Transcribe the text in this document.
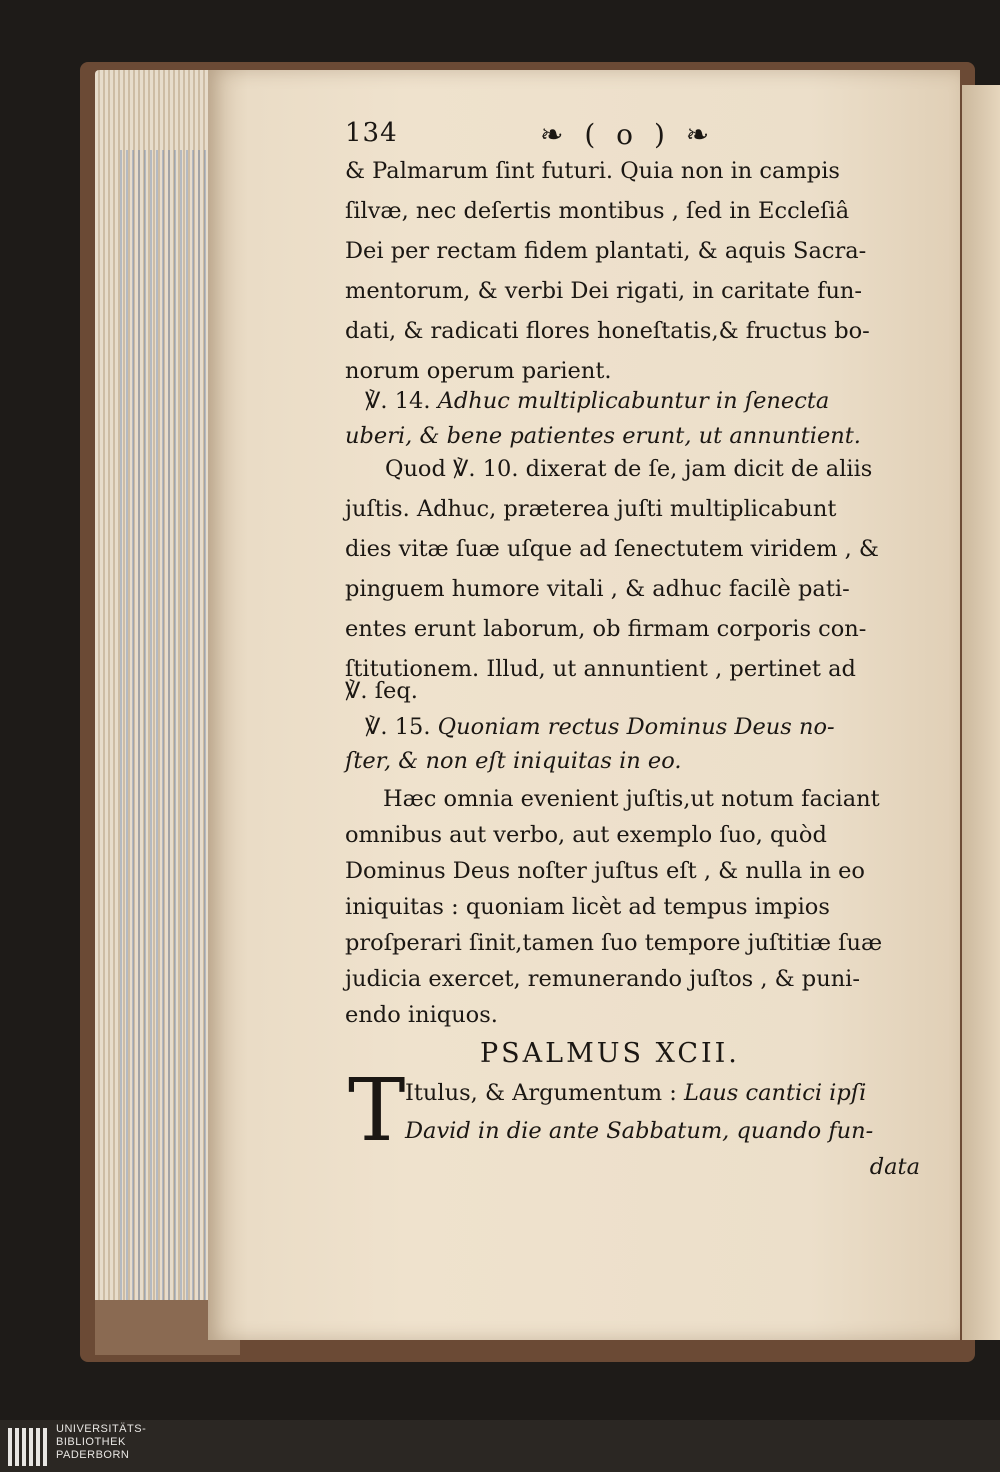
134	❧ ( o ) ❧
& Palmarum ſint futuri. Quia non in campis
ſilvæ, nec deſertis montibus , ſed in Eccleſiâ
Dei per rectam fidem plantati, & aquis Sacra-
mentorum, & verbi Dei rigati, in caritate fun-
dati, & radicati flores honeſtatis,& fructus bo-
norum operum parient.
℣. 14. Adhuc multiplicabuntur in ſenecta
uberi, & bene patientes erunt, ut annuntient.
Quod ℣. 10. dixerat de ſe, jam dicit de aliis
juſtis. Adhuc, præterea juſti multiplicabunt
dies vitæ ſuæ uſque ad ſenectutem viridem , &
pinguem humore vitali , & adhuc facilè pati-
entes erunt laborum, ob firmam corporis con-
ſtitutionem. Illud, ut annuntient , pertinet ad
℣. ſeq.
℣. 15. Quoniam rectus Dominus Deus no-
ſter, & non eſt iniquitas in eo.
Hæc omnia evenient juſtis,ut notum faciant
omnibus aut verbo, aut exemplo ſuo, quòd
Dominus Deus noſter juſtus eſt , & nulla in eo
iniquitas : quoniam licèt ad tempus impios
proſperari ſinit,tamen ſuo tempore juſtitiæ ſuæ
judicia exercet, remunerando juſtos , & puni-
endo iniquos.
PSALMUS XCII.
T Itulus, & Argumentum : Laus cantici ipſi
David in die ante Sabbatum, quando fun-
data
UNIVERSITÄTS-
BIBLIOTHEK
PADERBORN
